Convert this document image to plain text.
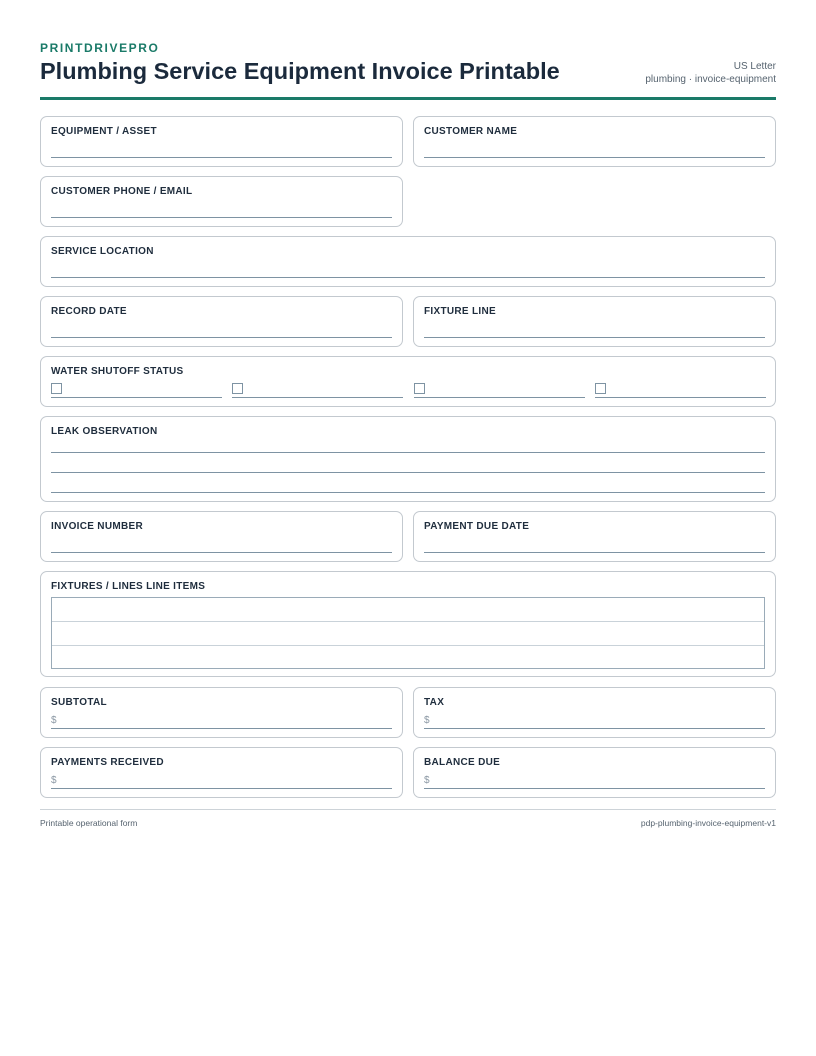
PRINTDRIVEPRO
Plumbing Service Equipment Invoice Printable	US Letter
plumbing · invoice-equipment
EQUIPMENT / ASSET	CUSTOMER NAME
CUSTOMER PHONE / EMAIL
SERVICE LOCATION
RECORD DATE	FIXTURE LINE
WATER SHUTOFF STATUS
LEAK OBSERVATION
INVOICE NUMBER	PAYMENT DUE DATE
FIXTURES / LINES LINE ITEMS
SUBTOTAL
$
TAX
$
PAYMENTS RECEIVED
$
BALANCE DUE
$
Printable operational form	pdp-plumbing-invoice-equipment-v1
